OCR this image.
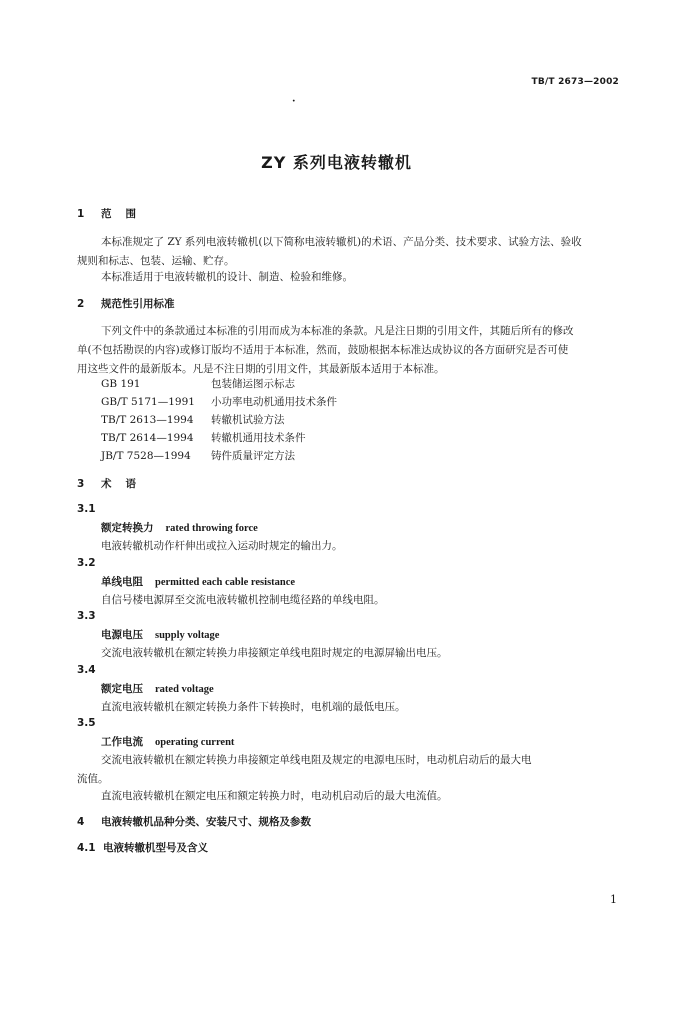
TB/T 2673—2002
·
ZY 系列电液转辙机
1 范围
本标准规定了 ZY 系列电液转辙机(以下简称电液转辙机)的术语、产品分类、技术要求、试验方法、验收
规则和标志、包装、运输、贮存。
本标准适用于电液转辙机的设计、制造、检验和维修。
2 规范性引用标准
下列文件中的条款通过本标准的引用而成为本标准的条款。凡是注日期的引用文件，其随后所有的修改
单(不包括勘误的内容)或修订版均不适用于本标准，然而，鼓励根据本标准达成协议的各方面研究是否可使
用这些文件的最新版本。凡是不注日期的引用文件，其最新版本适用于本标准。
GB 191	包装储运图示标志
GB/T 5171—1991 小功率电动机通用技术条件
TB/T 2613—1994 转辙机试验方法
TB/T 2614—1994 转辙机通用技术条件
JB/T 7528—1994 铸件质量评定方法
3 术语
3.1
额定转换力 rated throwing force
电液转辙机动作杆伸出或拉入运动时规定的输出力。
3.2
单线电阻 permitted each cable resistance
自信号楼电源屏至交流电液转辙机控制电缆径路的单线电阻。
3.3
电源电压 supply voltage
交流电液转辙机在额定转换力串接额定单线电阻时规定的电源屏输出电压。
3.4
额定电压 rated voltage
直流电液转辙机在额定转换力条件下转换时，电机端的最低电压。
3.5
工作电流 operating current
交流电液转辙机在额定转换力串接额定单线电阻及规定的电源电压时，电动机启动后的最大电
流值。
直流电液转辙机在额定电压和额定转换力时，电动机启动后的最大电流值。
4 电液转辙机品种分类、安装尺寸、规格及参数
4.1 电液转辙机型号及含义
1
